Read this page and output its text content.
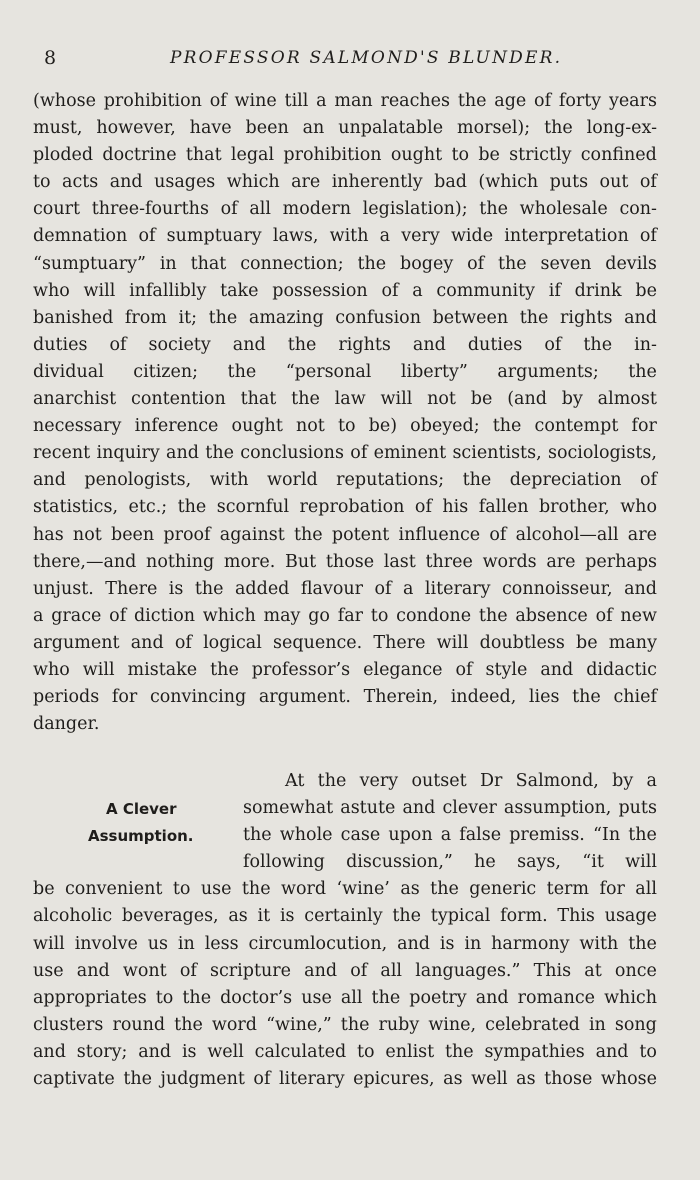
8	PROFESSOR SALMOND'S BLUNDER.
(whose prohibition of wine till a man reaches the age of forty years
must, however, have been an unpalatable morsel); the long-ex-
ploded doctrine that legal prohibition ought to be strictly confined
to acts and usages which are inherently bad (which puts out of
court three-fourths of all modern legislation); the wholesale con-
demnation of sumptuary laws, with a very wide interpretation of
“sumptuary” in that connection; the bogey of the seven devils
who will infallibly take possession of a community if drink be
banished from it; the amazing confusion between the rights and
duties of society and the rights and duties of the in-
dividual citizen; the “personal liberty” arguments; the
anarchist contention that the law will not be (and by almost
necessary inference ought not to be) obeyed; the contempt for
recent inquiry and the conclusions of eminent scientists, sociologists,
and penologists, with world reputations; the depreciation of
statistics, etc.; the scornful reprobation of his fallen brother, who
has not been proof against the potent influence of alcohol—all are
there,—and nothing more. But those last three words are perhaps
unjust. There is the added flavour of a literary connoisseur, and
a grace of diction which may go far to condone the absence of new
argument and of logical sequence. There will doubtless be many
who will mistake the professor’s elegance of style and didactic
periods for convincing argument. Therein, indeed, lies the chief
danger.
A Clever
Assumption.
At the very outset Dr Salmond, by a
somewhat astute and clever assumption, puts
the whole case upon a false premiss. “In the
following discussion,” he says, “it will
be convenient to use the word ‘wine’ as the generic term for all
alcoholic beverages, as it is certainly the typical form. This usage
will involve us in less circumlocution, and is in harmony with the
use and wont of scripture and of all languages.” This at once
appropriates to the doctor’s use all the poetry and romance which
clusters round the word “wine,” the ruby wine, celebrated in song
and story; and is well calculated to enlist the sympathies and to
captivate the judgment of literary epicures, as well as those whose
